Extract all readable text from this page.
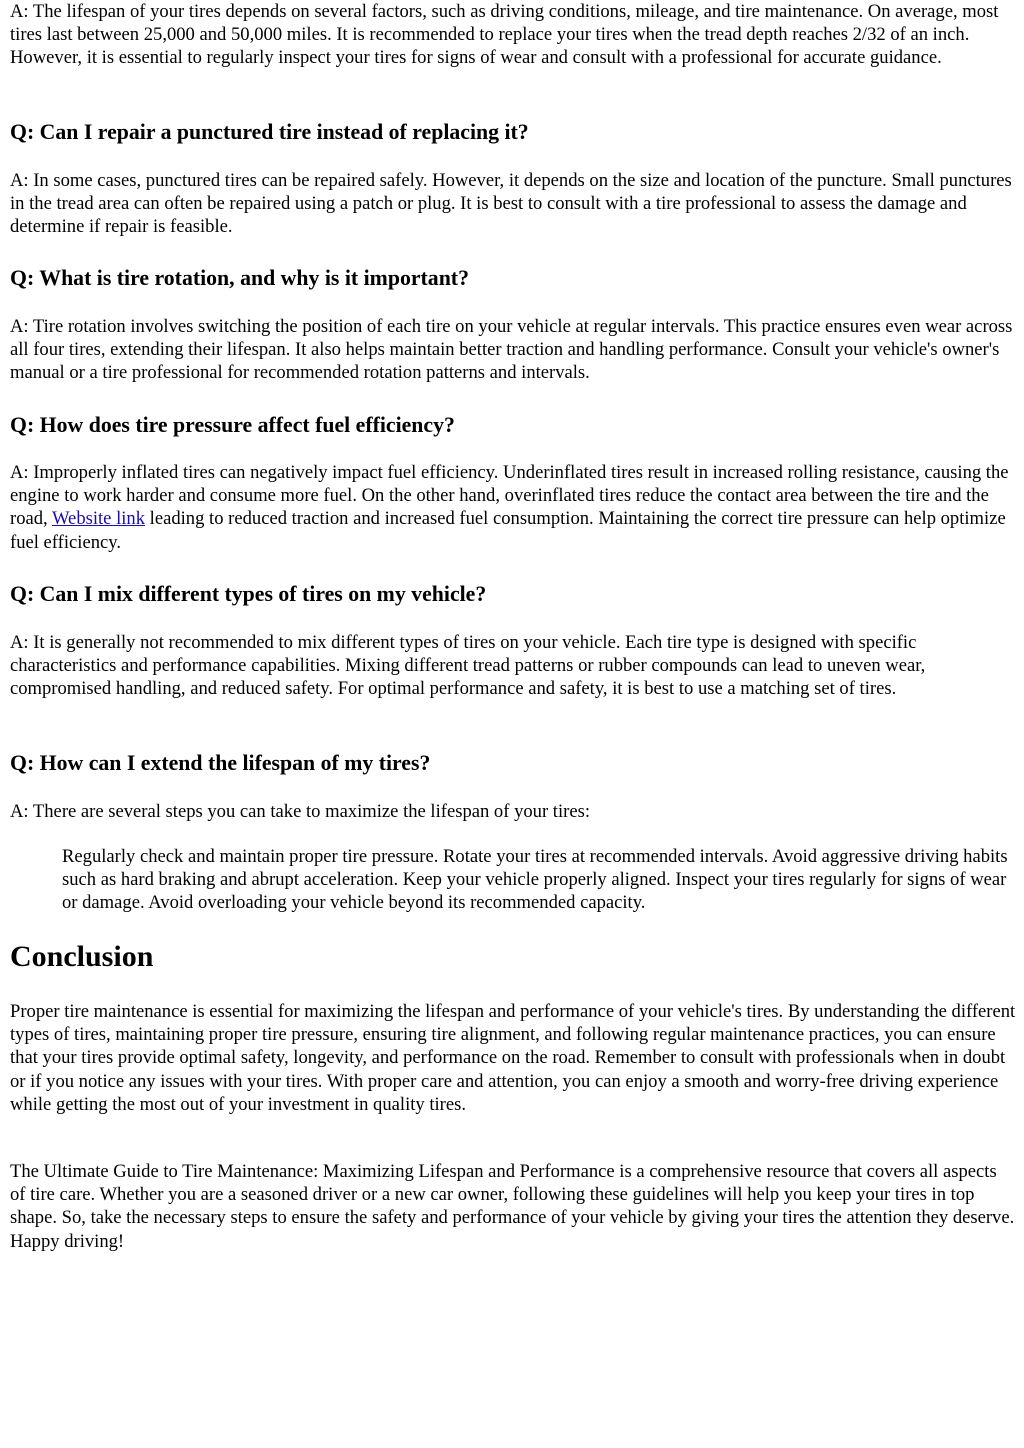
A: The lifespan of your tires depends on several factors, such as driving conditions, mileage, and tire maintenance. On average, most tires last between 25,000 and 50,000 miles. It is recommended to replace your tires when the tread depth reaches 2/32 of an inch. However, it is essential to regularly inspect your tires for signs of wear and consult with a professional for accurate guidance.

Q: Can I repair a punctured tire instead of replacing it?

A: In some cases, punctured tires can be repaired safely. However, it depends on the size and location of the puncture. Small punctures in the tread area can often be repaired using a patch or plug. It is best to consult with a tire professional to assess the damage and determine if repair is feasible.

Q: What is tire rotation, and why is it important?

A: Tire rotation involves switching the position of each tire on your vehicle at regular intervals. This practice ensures even wear across all four tires, extending their lifespan. It also helps maintain better traction and handling performance. Consult your vehicle's owner's manual or a tire professional for recommended rotation patterns and intervals.

Q: How does tire pressure affect fuel efficiency?

A: Improperly inflated tires can negatively impact fuel efficiency. Underinflated tires result in increased rolling resistance, causing the engine to work harder and consume more fuel. On the other hand, overinflated tires reduce the contact area between the tire and the road, Website link leading to reduced traction and increased fuel consumption. Maintaining the correct tire pressure can help optimize fuel efficiency.

Q: Can I mix different types of tires on my vehicle?

A: It is generally not recommended to mix different types of tires on your vehicle. Each tire type is designed with specific characteristics and performance capabilities. Mixing different tread patterns or rubber compounds can lead to uneven wear, compromised handling, and reduced safety. For optimal performance and safety, it is best to use a matching set of tires.

Q: How can I extend the lifespan of my tires?

A: There are several steps you can take to maximize the lifespan of your tires:

Regularly check and maintain proper tire pressure. Rotate your tires at recommended intervals. Avoid aggressive driving habits such as hard braking and abrupt acceleration. Keep your vehicle properly aligned. Inspect your tires regularly for signs of wear or damage. Avoid overloading your vehicle beyond its recommended capacity.

Conclusion

Proper tire maintenance is essential for maximizing the lifespan and performance of your vehicle's tires. By understanding the different types of tires, maintaining proper tire pressure, ensuring tire alignment, and following regular maintenance practices, you can ensure that your tires provide optimal safety, longevity, and performance on the road. Remember to consult with professionals when in doubt or if you notice any issues with your tires. With proper care and attention, you can enjoy a smooth and worry-free driving experience while getting the most out of your investment in quality tires.

The Ultimate Guide to Tire Maintenance: Maximizing Lifespan and Performance is a comprehensive resource that covers all aspects of tire care. Whether you are a seasoned driver or a new car owner, following these guidelines will help you keep your tires in top shape. So, take the necessary steps to ensure the safety and performance of your vehicle by giving your tires the attention they deserve. Happy driving!
